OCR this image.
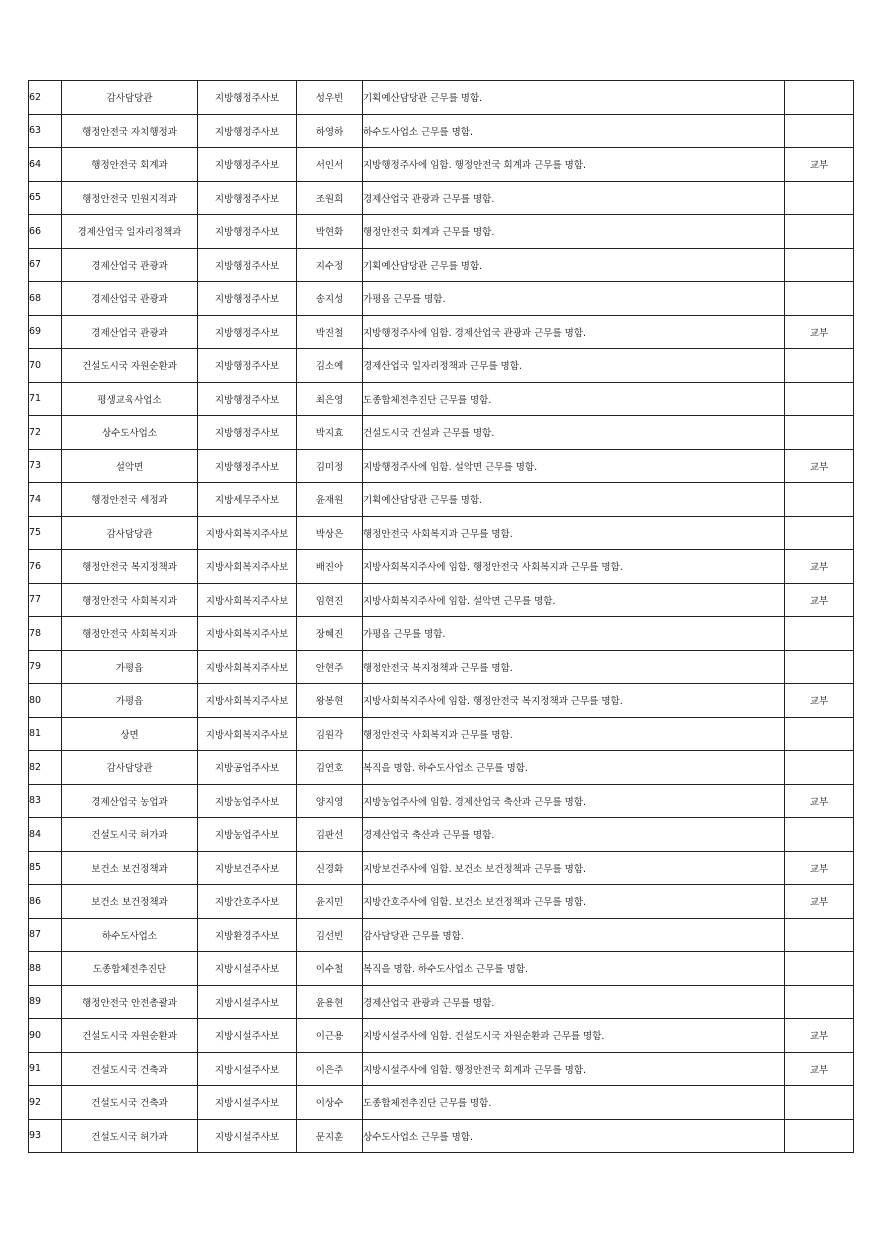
62	감사담당관	지방행정주사보	성우빈	기획예산담당관 근무를 명함.	
63	행정안전국 자치행정과	지방행정주사보	하영하	하수도사업소 근무를 명함.	
64	행정안전국 회계과	지방행정주사보	서인서	지방행정주사에 임함. 행정안전국 회계과 근무를 명함.	교부
65	행정안전국 민원지적과	지방행정주사보	조원희	경제산업국 관광과 근무를 명함.	
66	경제산업국 일자리정책과	지방행정주사보	박현화	행정안전국 회계과 근무를 명함.	
67	경제산업국 관광과	지방행정주사보	지수정	기획예산담당관 근무를 명함.	
68	경제산업국 관광과	지방행정주사보	송지성	가평읍 근무를 명함.	
69	경제산업국 관광과	지방행정주사보	박진철	지방행정주사에 임함. 경제산업국 관광과 근무를 명함.	교부
70	건설도시국 자원순환과	지방행정주사보	김소예	경제산업국 일자리정책과 근무를 명함.	
71	평생교육사업소	지방행정주사보	최은영	도종합체전추진단 근무를 명함.	
72	상수도사업소	지방행정주사보	박지효	건설도시국 건설과 근무를 명함.	
73	설악면	지방행정주사보	김미정	지방행정주사에 임함. 설악면 근무를 명함.	교부
74	행정안전국 세정과	지방세무주사보	윤재원	기획예산담당관 근무를 명함.	
75	감사담당관	지방사회복지주사보	박상은	행정안전국 사회복지과 근무를 명함.	
76	행정안전국 복지정책과	지방사회복지주사보	배진아	지방사회복지주사에 임함. 행정안전국 사회복지과 근무를 명함.	교부
77	행정안전국 사회복지과	지방사회복지주사보	임현진	지방사회복지주사에 임함. 설악면 근무를 명함.	교부
78	행정안전국 사회복지과	지방사회복지주사보	장혜진	가평읍 근무를 명함.	
79	가평읍	지방사회복지주사보	안현주	행정안전국 복지정책과 근무를 명함.	
80	가평읍	지방사회복지주사보	왕봉현	지방사회복지주사에 임함. 행정안전국 복지정책과 근무를 명함.	교부
81	상면	지방사회복지주사보	김원각	행정안전국 사회복지과 근무를 명함.	
82	감사담당관	지방공업주사보	김연호	복직을 명함. 하수도사업소 근무를 명함.	
83	경제산업국 농업과	지방농업주사보	양지영	지방농업주사에 임함. 경제산업국 축산과 근무를 명함.	교부
84	건설도시국 허가과	지방농업주사보	김판선	경제산업국 축산과 근무를 명함.	
85	보건소 보건정책과	지방보건주사보	신경화	지방보건주사에 임함. 보건소 보건정책과 근무를 명함.	교부
86	보건소 보건정책과	지방간호주사보	윤지민	지방간호주사에 임함. 보건소 보건정책과 근무를 명함.	교부
87	하수도사업소	지방환경주사보	김선빈	감사담당관 근무를 명함.	
88	도종합체전추진단	지방시설주사보	이수철	복직을 명함. 하수도사업소 근무를 명함.	
89	행정안전국 안전총괄과	지방시설주사보	윤용현	경제산업국 관광과 근무를 명함.	
90	건설도시국 자원순환과	지방시설주사보	이근용	지방시설주사에 임함. 건설도시국 자원순환과 근무를 명함.	교부
91	건설도시국 건축과	지방시설주사보	이은주	지방시설주사에 임함. 행정안전국 회계과 근무를 명함.	교부
92	건설도시국 건축과	지방시설주사보	이상수	도종합체전추진단 근무를 명함.	
93	건설도시국 허가과	지방시설주사보	문지훈	상수도사업소 근무를 명함.	
